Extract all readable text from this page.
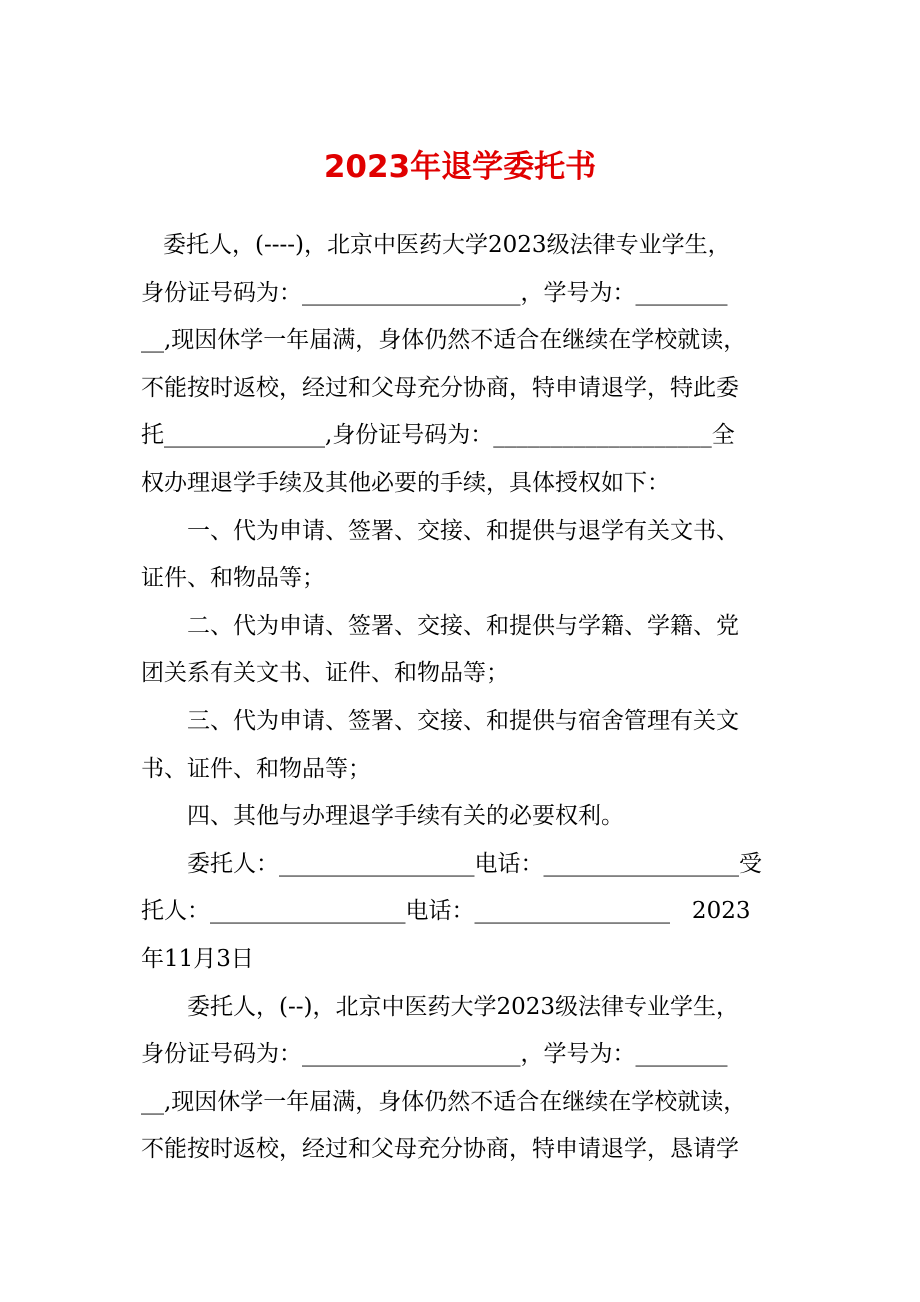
2023年退学委托书
委托人，(----)，北京中医药大学2023级法律专业学生，
身份证号码为：___________________，学号为：________
__,现因休学一年届满，身体仍然不适合在继续在学校就读，
不能按时返校，经过和父母充分协商，特申请退学，特此委
托______________,身份证号码为：___________________全
权办理退学手续及其他必要的手续，具体授权如下：
一、代为申请、签署、交接、和提供与退学有关文书、
证件、和物品等；
二、代为申请、签署、交接、和提供与学籍、学籍、党
团关系有关文书、证件、和物品等；
三、代为申请、签署、交接、和提供与宿舍管理有关文
书、证件、和物品等；
四、其他与办理退学手续有关的必要权利。
委托人：_________________电话：_________________受
托人：_________________电话：_________________   2023
年11月3日
委托人，(--)，北京中医药大学2023级法律专业学生，
身份证号码为：___________________，学号为：________
__,现因休学一年届满，身体仍然不适合在继续在学校就读，
不能按时返校，经过和父母充分协商，特申请退学，恳请学
